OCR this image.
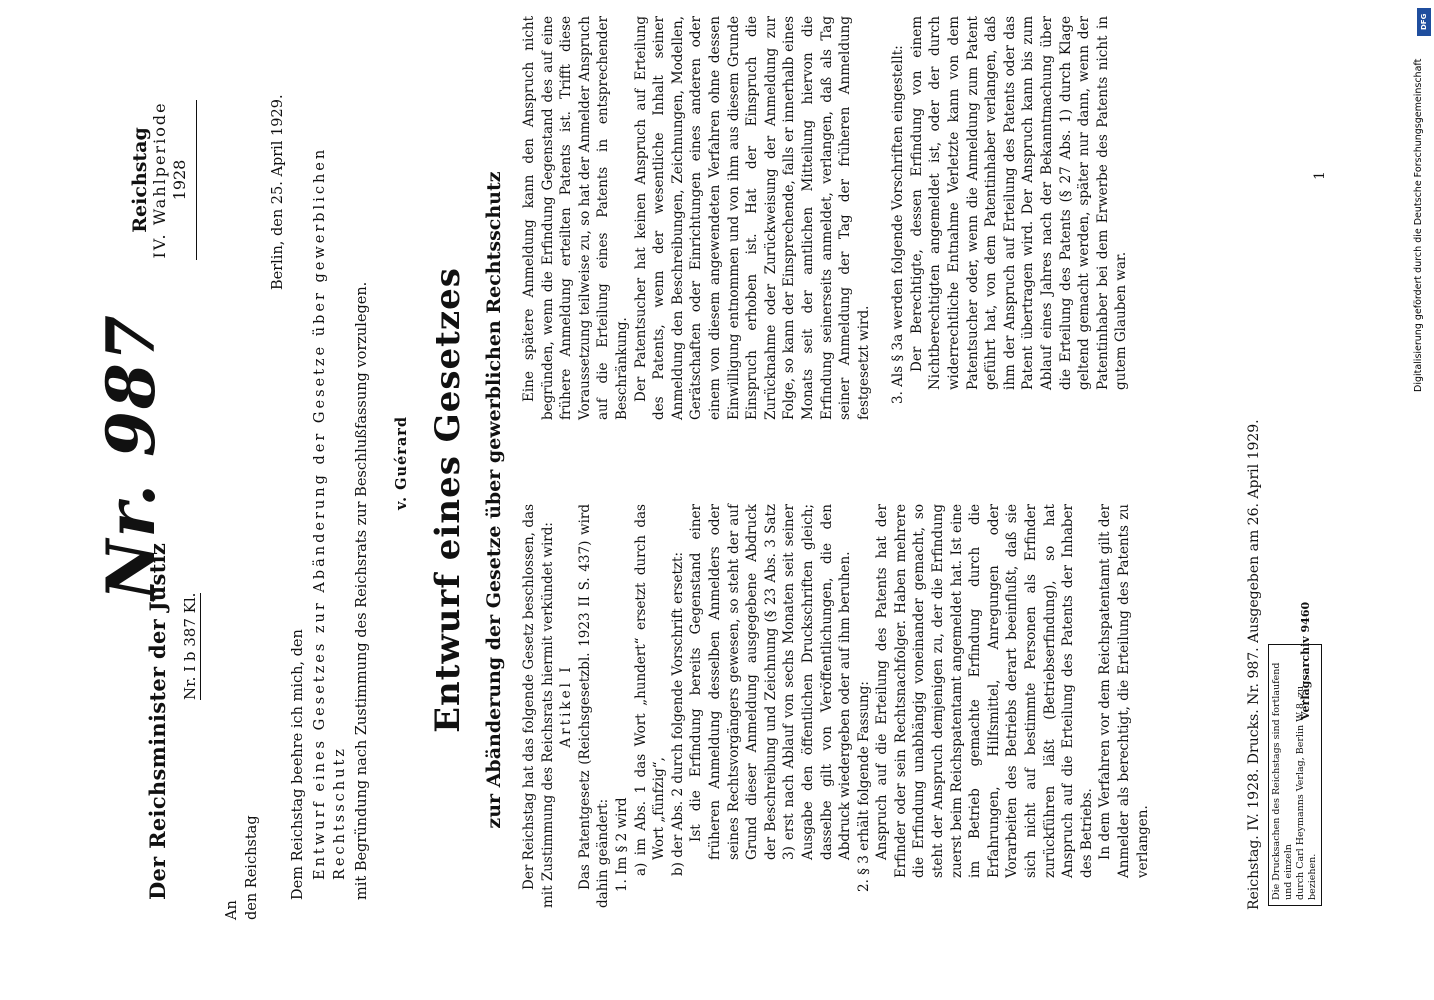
Der Reichsminister der Justiz Nr. I b 387 Kl.
Nr. 987
Reichstag IV. Wahlperiode 1928
An den Reichstag
Berlin, den 25. April 1929.
Dem Reichstag beehre ich mich, den Entwurf eines Gesetzes zur Abänderung der Gesetze über gewerblichen Rechtsschutz mit Begründung nach Zustimmung des Reichsrats zur Beschlußfassung vorzulegen. v. Guérard Entwurf eines Gesetzes zur Abänderung der Gesetze über gewerblichen Rechtsschutz Der Reichstag hat das folgende Gesetz beschlossen, das mit Zustimmung des Reichsrats hiermit verkündet wird: Artikel I Das Patentgesetz (Reichsgesetzbl. 1923 II S. 437) wird dahin geändert: 1. Im § 2 wird a) im Abs. 1 das Wort „hundert“ ersetzt durch das Wort „fünfzig“, b) der Abs. 2 durch folgende Vorschrift ersetzt: Ist die Erfindung bereits Gegenstand einer früheren Anmeldung desselben Anmelders oder seines Rechtsvorgängers gewesen, so steht der auf Grund dieser Anmeldung ausgegebene Abdruck der Beschreibung und Zeichnung (§ 23 Abs. 3 Satz 3) erst nach Ablauf von sechs Monaten seit seiner Ausgabe den öffentlichen Druckschriften gleich; dasselbe gilt von Veröffentlichungen, die den Abdruck wiedergeben oder auf ihm beruhen. 2. § 3 erhält folgende Fassung: Anspruch auf die Erteilung des Patents hat der Erfinder oder sein Rechtsnachfolger. Haben mehrere die Erfindung unabhängig voneinander gemacht, so steht der Anspruch demjenigen zu, der die Erfindung zuerst beim Reichspatentamt angemeldet hat. Ist eine im Betrieb gemachte Erfindung durch die Erfahrungen, Hilfsmittel, Anregungen oder Vorarbeiten des Betriebs derart beeinflußt, daß sie sich nicht auf bestimmte Personen als Erfinder zurückführen läßt (Betriebserfindung), so hat Anspruch auf die Erteilung des Patents der Inhaber des Betriebs. In dem Verfahren vor dem Reichspatentamt gilt der Anmelder als berechtigt, die Erteilung des Patents zu verlangen.

Eine spätere Anmeldung kann den Anspruch nicht begründen, wenn die Erfindung Gegenstand des auf eine frühere Anmeldung erteilten Patents ist. Trifft diese Voraussetzung teilweise zu, so hat der Anmelder Anspruch auf die Erteilung eines Patents in entsprechender Beschränkung. Der Patentsucher hat keinen Anspruch auf Erteilung des Patents, wenn der wesentliche Inhalt seiner Anmeldung den Beschreibungen, Zeichnungen, Modellen, Gerätschaften oder Einrichtungen eines anderen oder einem von diesem angewendeten Verfahren ohne dessen Einwilligung entnommen und von ihm aus diesem Grunde Einspruch erhoben ist. Hat der Einspruch die Zurücknahme oder Zurückweisung der Anmeldung zur Folge, so kann der Einsprechende, falls er innerhalb eines Monats seit der amtlichen Mitteilung hiervon die Erfindung seinerseits anmeldet, verlangen, daß als Tag seiner Anmeldung der Tag der früheren Anmeldung festgesetzt wird. 3. Als § 3a werden folgende Vorschriften eingestellt: Der Berechtigte, dessen Erfindung von einem Nichtberechtigten angemeldet ist, oder der durch widerrechtliche Entnahme Verletzte kann von dem Patentsucher oder, wenn die Anmeldung zum Patent geführt hat, von dem Patentinhaber verlangen, daß ihm der Anspruch auf Erteilung des Patents oder das Patent übertragen wird. Der Anspruch kann bis zum Ablauf eines Jahres nach der Bekanntmachung über die Erteilung des Patents (§ 27 Abs. 1) durch Klage geltend gemacht werden, später nur dann, wenn der Patentinhaber bei dem Erwerbe des Patents nicht in gutem Glauben war.

Reichstag. IV. 1928. Drucks. Nr. 987. Ausgegeben am 26. April 1929. Die Drucksachen des Reichstags sind fortlaufend und einzeln durch Carl Heymanns Verlag, Berlin W 8, zu beziehen.
Verlagsarchiv 9460
1	Digitalisierung gefördert durch die Deutsche Forschungsgemeinschaft
DFG
